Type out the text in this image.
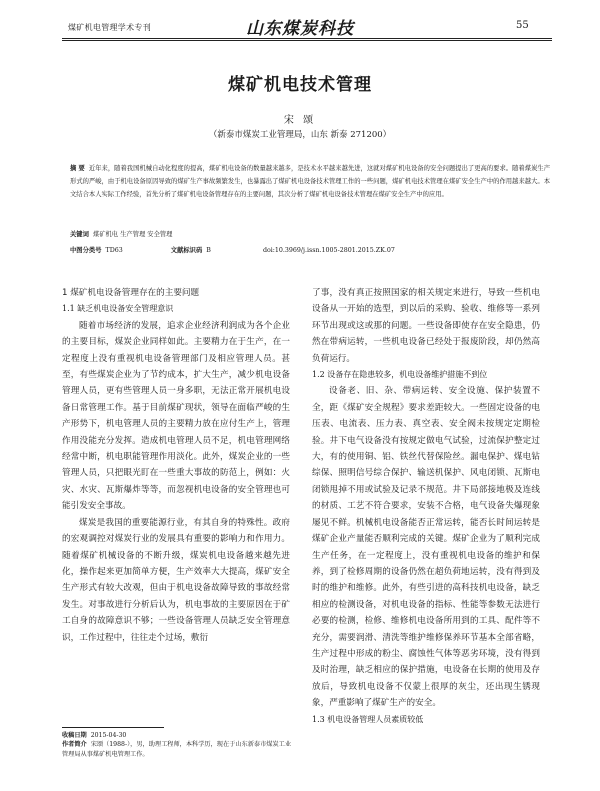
煤矿机电管理学术专刊	山东煤炭科技	55
煤矿机电技术管理
宋 颂
（新泰市煤炭工业管理局，山东 新泰 271200）
摘 要 近年来，随着我国机械自动化程度的提高，煤矿机电设备的数量越来越多，是技术水平越来越先进，这就对煤矿机电设备的安全问题提出了更高的要求。随着煤炭生产形式的严峻，由于机电设备原因导致的煤矿生产事故频繁发生，也暴露出了煤矿机电设备技术管理工作的一些问题，煤矿机电技术管理在煤矿安全生产中的作用越来越大。本文结合本人实际工作经验，首先分析了煤矿机电设备管理存在的主要问题，其次分析了煤矿机电设备技术管理在煤矿安全生产中的应用。
关键词 煤矿机电 生产管理 安全管理
中图分类号 TD63	文献标识码 B	doi:10.3969/j.issn.1005-2801.2015.ZK.07

1 煤矿机电设备管理存在的主要问题

1.1 缺乏机电设备安全管理意识

随着市场经济的发展，追求企业经济利润成为各个企业的主要目标，煤炭企业同样如此。主要精力在于生产，在一定程度上没有重视机电设备管理部门及相应管理人员。甚至，有些煤炭企业为了节约成本，扩大生产，减少机电设备管理人员，更有些管理人员一身多职，无法正常开展机电设备日常管理工作。基于目前煤矿现状，领导在面临严峻的生产形势下，机电管理人员的主要精力放在应付生产上，管理作用没能充分发挥。造成机电管理人员不足，机电管理网络经常中断，机电职能管理作用淡化。此外，煤炭企业的一些管理人员，只把眼光盯在一些重大事故的防范上，例如：火灾、水灾、瓦斯爆炸等等，而忽视机电设备的安全管理也可能引发安全事故。

煤炭是我国的重要能源行业，有其自身的特殊性。政府的宏观调控对煤炭行业的发展具有重要的影响力和作用力。随着煤矿机械设备的不断升级，煤炭机电设备越来越先进化，操作起来更加简单方便，生产效率大大提高，煤矿安全生产形式有较大改观，但由于机电设备故障导致的事故经常发生。对事故进行分析后认为，机电事故的主要原因在于矿工自身的故障意识不够；一些设备管理人员缺乏安全管理意识，工作过程中，往往走个过场，敷衍

了事，没有真正按照国家的相关规定来进行，导致一些机电设备从一开始的选型，到以后的采购、验收、维修等一系列环节出现或这或那的问题。一些设备即使存在安全隐患，仍然在带病运转，一些机电设备已经处于报废阶段，却仍然高负荷运行。

1.2 设备存在隐患较多，机电设备维护措施不到位

设备老、旧、杂、带病运转、安全设施、保护装置不全，距《煤矿安全规程》要求差距较大。一些固定设备的电压表、电流表、压力表、真空表、安全阀未按规定定期检验。井下电气设备没有按规定做电气试验，过流保护整定过大，有的使用铜、铝、铁丝代替保险丝。漏电保护、煤电钻综保、照明信号综合保护、输送机保护、风电闭锁、瓦斯电闭锁甩掉不用或试验及记录不规范。井下局部接地极及连线的材质、工艺不符合要求，安装不合格，电气设备失爆现象屡见不鲜。机械机电设备能否正常运转，能否长时间运转是煤矿企业产量能否顺利完成的关键。煤矿企业为了顺利完成生产任务，在一定程度上，没有重视机电设备的维护和保养，到了检修周期的设备仍然在超负荷地运转，没有得到及时的维护和维修。此外，有些引进的高科技机电设备，缺乏相应的检测设备，对机电设备的指标、性能等参数无法进行必要的检测，检修、维修机电设备所用到的工具、配件等不充分，需要润滑、清洗等维护维修保养环节基本全部省略，生产过程中形成的粉尘、腐蚀性气体等恶劣环境，没有得到及时治理，缺乏相应的保护措施，电设备在长期的使用及存放后，导致机电设备不仅蒙上很厚的灰尘，还出现生锈现象，严重影响了煤矿生产的安全。

1.3 机电设备管理人员素质较低

收稿日期 2015-04-30
作者简介 宋颂（1988-），男，助理工程师，本科学历，现在于山东新泰市煤炭工业管理局从事煤矿机电管理工作。
